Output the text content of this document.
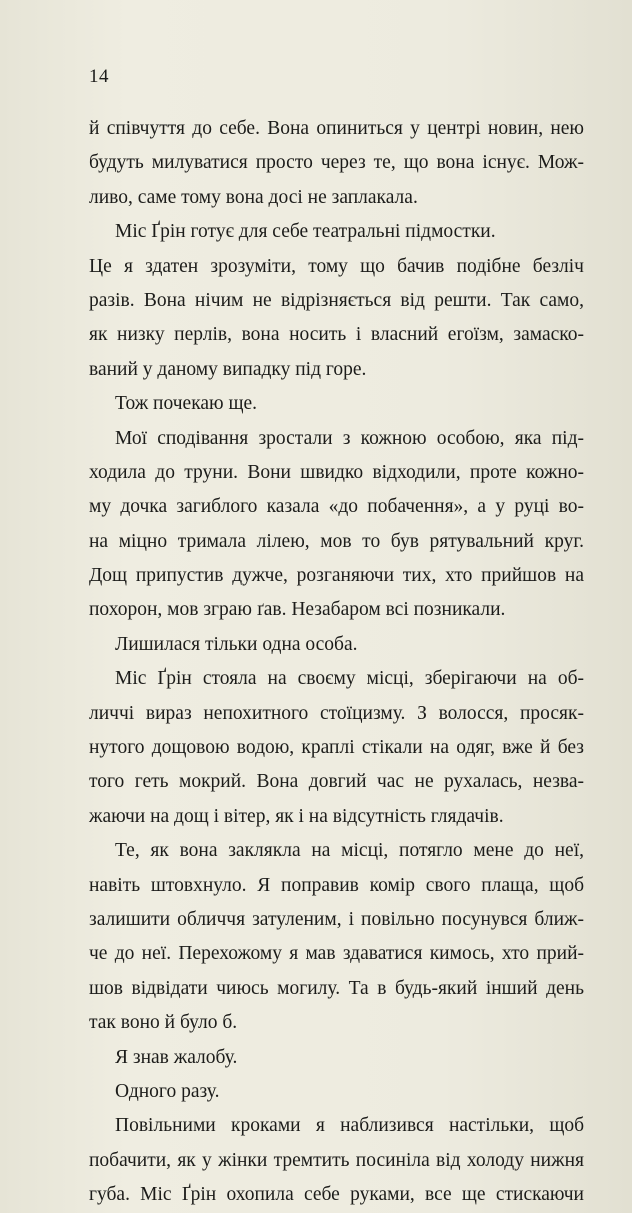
14
й співчуття до себе. Вона опиниться у центрі новин, нею
будуть милуватися просто через те, що вона існує. Мож-
ливо, саме тому вона досі не заплакала.
Міс Ґрін готує для себе театральні підмостки.
Це я здатен зрозуміти, тому що бачив подібне безліч
разів. Вона нічим не відрізняється від решти. Так само,
як низку перлів, вона носить і власний егоїзм, замаско-
ваний у даному випадку під горе.
Тож почекаю ще.
Мої сподівання зростали з кожною особою, яка під-
ходила до труни. Вони швидко відходили, проте кожно-
му дочка загиблого казала «до побачення», а у руці во-
на міцно тримала лілею, мов то був рятувальний круг.
Дощ припустив дужче, розганяючи тих, хто прийшов на
похорон, мов зграю ґав. Незабаром всі позникали.
Лишилася тільки одна особа.
Міс Ґрін стояла на своєму місці, зберігаючи на об-
личчі вираз непохитного стоїцизму. З волосся, просяк-
нутого дощовою водою, краплі стікали на одяг, вже й без
того геть мокрий. Вона довгий час не рухалась, незва-
жаючи на дощ і вітер, як і на відсутність глядачів.
Те, як вона заклякла на місці, потягло мене до неї,
навіть штовхнуло. Я поправив комір свого плаща, щоб
залишити обличчя затуленим, і повільно посунувся ближ-
че до неї. Перехожому я мав здаватися кимось, хто прий-
шов відвідати чиюсь могилу. Та в будь-який інший день
так воно й було б.
Я знав жалобу.
Одного разу.
Повільними кроками я наблизився настільки, щоб
побачити, як у жінки тремтить посиніла від холоду нижня
губа. Міс Ґрін охопила себе руками, все ще стискаючи
